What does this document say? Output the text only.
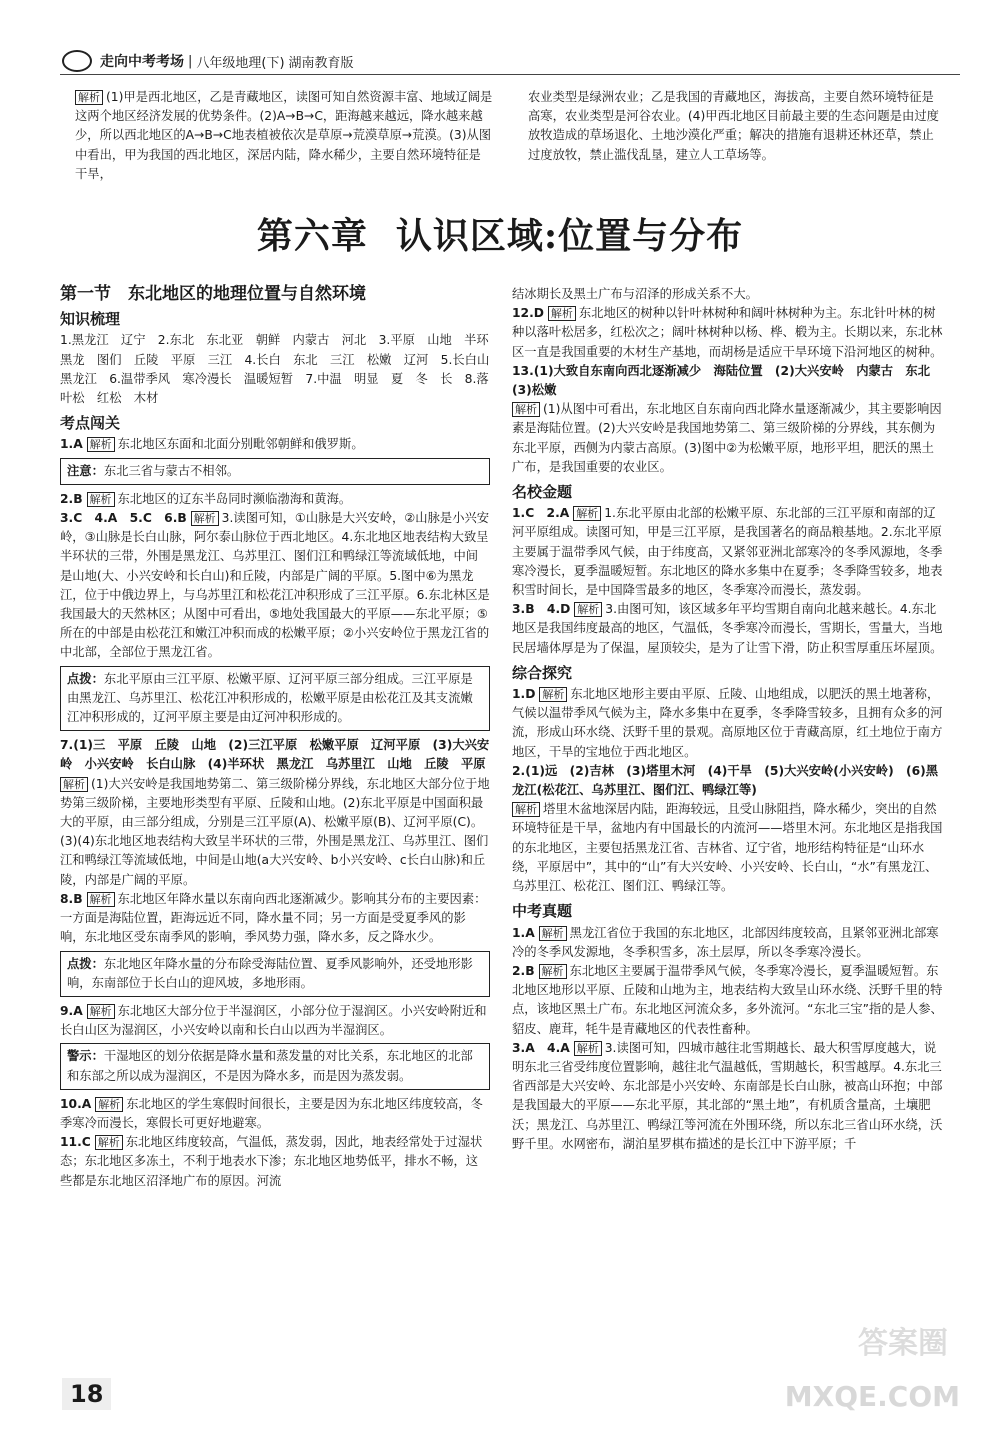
走向中考考场 | 八年级地理(下) 湖南教育版
解析 (1)甲是西北地区，乙是青藏地区，读图可知自然资源丰富、地域辽阔是这两个地区经济发展的优势条件。(2)A→B→C，距海越来越远，降水越来越少，所以西北地区的A→B→C地表植被依次是草原→荒漠草原→荒漠。(3)从图中看出，甲为我国的西北地区，深居内陆，降水稀少，主要自然环境特征是干旱，
农业类型是绿洲农业；乙是我国的青藏地区，海拔高，主要自然环境特征是高寒，农业类型是河谷农业。(4)甲西北地区目前最主要的生态问题是由过度放牧造成的草场退化、土地沙漠化严重；解决的措施有退耕还林还草，禁止过度放牧，禁止滥伐乱垦，建立人工草场等。
第六章 认识区域:位置与分布
第一节　 东北地区的地理位置与自然环境
知识梳理
1.黑龙江　辽宁　2.东北　东北亚　朝鲜　内蒙古　河北　3.平原　山地　半环　黑龙　图们　丘陵　平原　三江　4.长白　东北　三江　松嫩　辽河　5.长白山　黑龙江　6.温带季风　寒冷漫长　温暖短暂　7.中温　明显　夏　冬　长　8.落叶松　红松　木材
考点闯关
1.A 解析 东北地区东面和北面分别毗邻朝鲜和俄罗斯。
注意：东北三省与蒙古不相邻。
2.B 解析 东北地区的辽东半岛同时濒临渤海和黄海。
3.C　4.A　5.C　6.B 解析 3.读图可知，①山脉是大兴安岭，②山脉是小兴安岭，③山脉是长白山脉，阿尔泰山脉位于西北地区。4.东北地区地表结构大致呈半环状的三带，外围是黑龙江、乌苏里江、图们江和鸭绿江等流域低地，中间是山地(大、小兴安岭和长白山)和丘陵，内部是广阔的平原。5.图中⑥为黑龙江，位于中俄边界上，与乌苏里江和松花江冲积形成了三江平原。6.东北林区是我国最大的天然林区；从图中可看出，⑤地处我国最大的平原——东北平原；⑤所在的中部是由松花江和嫩江冲积而成的松嫩平原；②小兴安岭位于黑龙江省的中北部，全部位于黑龙江省。
点拨：东北平原由三江平原、松嫩平原、辽河平原三部分组成。三江平原是由黑龙江、乌苏里江、松花江冲积形成的，松嫩平原是由松花江及其支流嫩江冲积形成的，辽河平原主要是由辽河冲积形成的。
7.(1)三　平原　丘陵　山地　(2)三江平原　松嫩平原　辽河平原　(3)大兴安岭　小兴安岭　长白山脉　(4)半环状　黑龙江　乌苏里江　山地　丘陵　平原
解析 (1)大兴安岭是我国地势第二、第三级阶梯分界线，东北地区大部分位于地势第三级阶梯，主要地形类型有平原、丘陵和山地。(2)东北平原是中国面积最大的平原，由三部分组成，分别是三江平原(A)、松嫩平原(B)、辽河平原(C)。(3)(4)东北地区地表结构大致呈半环状的三带，外围是黑龙江、乌苏里江、图们江和鸭绿江等流域低地，中间是山地(a大兴安岭、b小兴安岭、c长白山脉)和丘陵，内部是广阔的平原。
8.B 解析 东北地区年降水量以东南向西北逐渐减少。影响其分布的主要因素：一方面是海陆位置，距海远近不同，降水量不同；另一方面是受夏季风的影响，东北地区受东南季风的影响，季风势力强，降水多，反之降水少。
点拨：东北地区年降水量的分布除受海陆位置、夏季风影响外，还受地形影响，东南部位于长白山的迎风坡，多地形雨。
9.A 解析 东北地区大部分位于半湿润区，小部分位于湿润区。小兴安岭附近和长白山区为湿润区，小兴安岭以南和长白山以西为半湿润区。
警示：干湿地区的划分依据是降水量和蒸发量的对比关系，东北地区的北部和东部之所以成为湿润区，不是因为降水多，而是因为蒸发弱。
10.A 解析 东北地区的学生寒假时间很长，主要是因为东北地区纬度较高，冬季寒冷而漫长，寒假长可更好地避寒。
11.C 解析 东北地区纬度较高，气温低，蒸发弱，因此，地表经常处于过湿状态；东北地区多冻土，不利于地表水下渗；东北地区地势低平，排水不畅，这些都是东北地区沼泽地广布的原因。河流
结冰期长及黑土广布与沼泽的形成关系不大。
12.D 解析 东北地区的树种以针叶林树种和阔叶林树种为主。东北针叶林的树种以落叶松居多，红松次之；阔叶林树种以杨、桦、椴为主。长期以来，东北林区一直是我国重要的木材生产基地，而胡杨是适应干旱环境下沿河地区的树种。
13.(1)大致自东南向西北逐渐减少　海陆位置　(2)大兴安岭　内蒙古　东北　(3)松嫩
解析 (1)从图中可看出，东北地区自东南向西北降水量逐渐减少，其主要影响因素是海陆位置。(2)大兴安岭是我国地势第二、第三级阶梯的分界线，其东侧为东北平原，西侧为内蒙古高原。(3)图中②为松嫩平原，地形平坦，肥沃的黑土广布，是我国重要的农业区。
名校金题
1.C　2.A 解析 1.东北平原由北部的松嫩平原、东北部的三江平原和南部的辽河平原组成。读图可知，甲是三江平原，是我国著名的商品粮基地。2.东北平原主要属于温带季风气候，由于纬度高，又紧邻亚洲北部寒冷的冬季风源地，冬季寒冷漫长，夏季温暖短暂。东北地区的降水多集中在夏季；冬季降雪较多，地表积雪时间长，是中国降雪最多的地区，冬季寒冷而漫长，蒸发弱。
3.B　4.D 解析 3.由图可知，该区域多年平均雪期自南向北越来越长。4.东北地区是我国纬度最高的地区，气温低，冬季寒冷而漫长，雪期长，雪量大，当地民居墙体厚是为了保温，屋顶较尖，是为了让雪下滑，防止积雪厚重压坏屋顶。
综合探究
1.D 解析 东北地区地形主要由平原、丘陵、山地组成，以肥沃的黑土地著称，气候以温带季风气候为主，降水多集中在夏季，冬季降雪较多，且拥有众多的河流，形成山环水绕、沃野千里的景观。高原地区位于青藏高原，红土地位于南方地区，干旱的宝地位于西北地区。
2.(1)远　(2)吉林　(3)塔里木河　(4)干旱　(5)大兴安岭(小兴安岭)　(6)黑龙江(松花江、乌苏里江、图们江、鸭绿江等)
解析 塔里木盆地深居内陆，距海较远，且受山脉阻挡，降水稀少，突出的自然环境特征是干旱，盆地内有中国最长的内流河——塔里木河。东北地区是指我国的东北地区，主要包括黑龙江省、吉林省、辽宁省，地形结构特征是“山环水绕，平原居中”，其中的“山”有大兴安岭、小兴安岭、长白山，“水”有黑龙江、乌苏里江、松花江、图们江、鸭绿江等。
中考真题
1.A 解析 黑龙江省位于我国的东北地区，北部因纬度较高，且紧邻亚洲北部寒冷的冬季风发源地，冬季积雪多，冻土层厚，所以冬季寒冷漫长。
2.B 解析 东北地区主要属于温带季风气候，冬季寒冷漫长，夏季温暖短暂。东北地区地形以平原、丘陵和山地为主，地表结构大致呈山环水绕、沃野千里的特点，该地区黑土广布。东北地区河流众多，多外流河。“东北三宝”指的是人参、貂皮、鹿茸，牦牛是青藏地区的代表性畜种。
3.A　4.A 解析 3.读图可知，四城市越往北雪期越长、最大积雪厚度越大，说明东北三省受纬度位置影响，越往北气温越低，雪期越长，积雪越厚。4.东北三省西部是大兴安岭、东北部是小兴安岭、东南部是长白山脉，被高山环抱；中部是我国最大的平原——东北平原，其北部的“黑土地”，有机质含量高，土壤肥沃；黑龙江、乌苏里江、鸭绿江等河流在外围环绕，所以东北三省山环水绕，沃野千里。水网密布，湖泊星罗棋布描述的是长江中下游平原；千
18
答案圈
MXQE.COM
